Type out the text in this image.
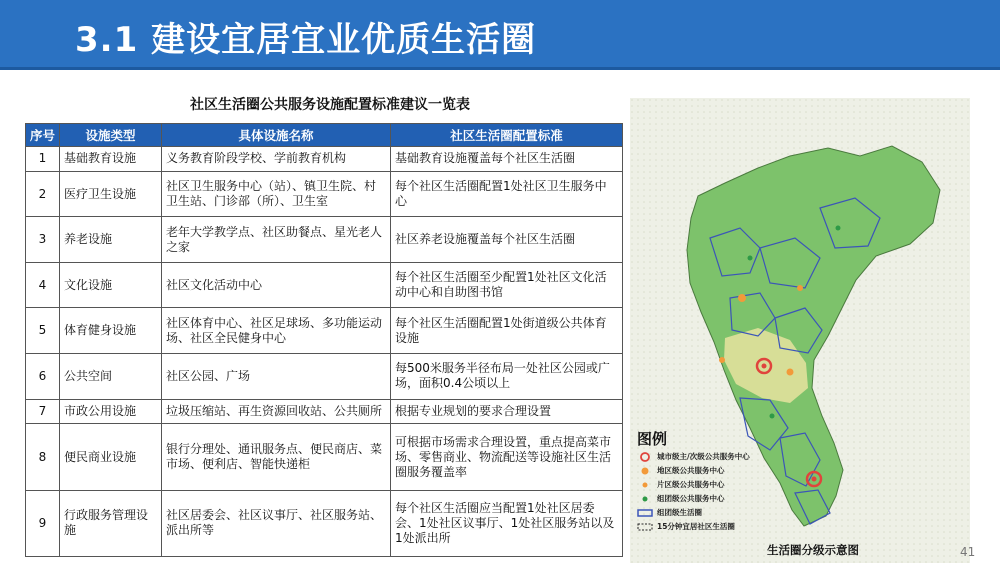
3.1 建设宜居宜业优质生活圈
社区生活圈公共服务设施配置标准建议一览表
序号	设施类型	具体设施名称	社区生活圈配置标准
1	基础教育设施	义务教育阶段学校、学前教育机构	基础教育设施覆盖每个社区生活圈
2	医疗卫生设施	社区卫生服务中心（站）、镇卫生院、村卫生站、门诊部（所）、卫生室	每个社区生活圈配置1处社区卫生服务中心
3	养老设施	老年大学教学点、社区助餐点、星光老人之家	社区养老设施覆盖每个社区生活圈
4	文化设施	社区文化活动中心	每个社区生活圈至少配置1处社区文化活动中心和自助图书馆
5	体育健身设施	社区体育中心、社区足球场、多功能运动场、社区全民健身中心	每个社区生活圈配置1处街道级公共体育设施
6	公共空间	社区公园、广场	每500米服务半径布局一处社区公园或广场，面积0.4公顷以上
7	市政公用设施	垃圾压缩站、再生资源回收站、公共厕所	根据专业规划的要求合理设置
8	便民商业设施	银行分理处、通讯服务点、便民商店、菜市场、便利店、智能快递柜	可根据市场需求合理设置，重点提高菜市场、零售商业、物流配送等设施社区生活圈服务覆盖率
9	行政服务管理设施	社区居委会、社区议事厅、社区服务站、派出所等	每个社区生活圈应当配置1处社区居委会、1处社区议事厅、1处社区服务站以及1处派出所
图例
城市级主/次级公共服务中心
地区级公共服务中心
片区级公共服务中心
组团级公共服务中心
组团级生活圈
15分钟宜居社区生活圈
生活圈分级示意图	41
